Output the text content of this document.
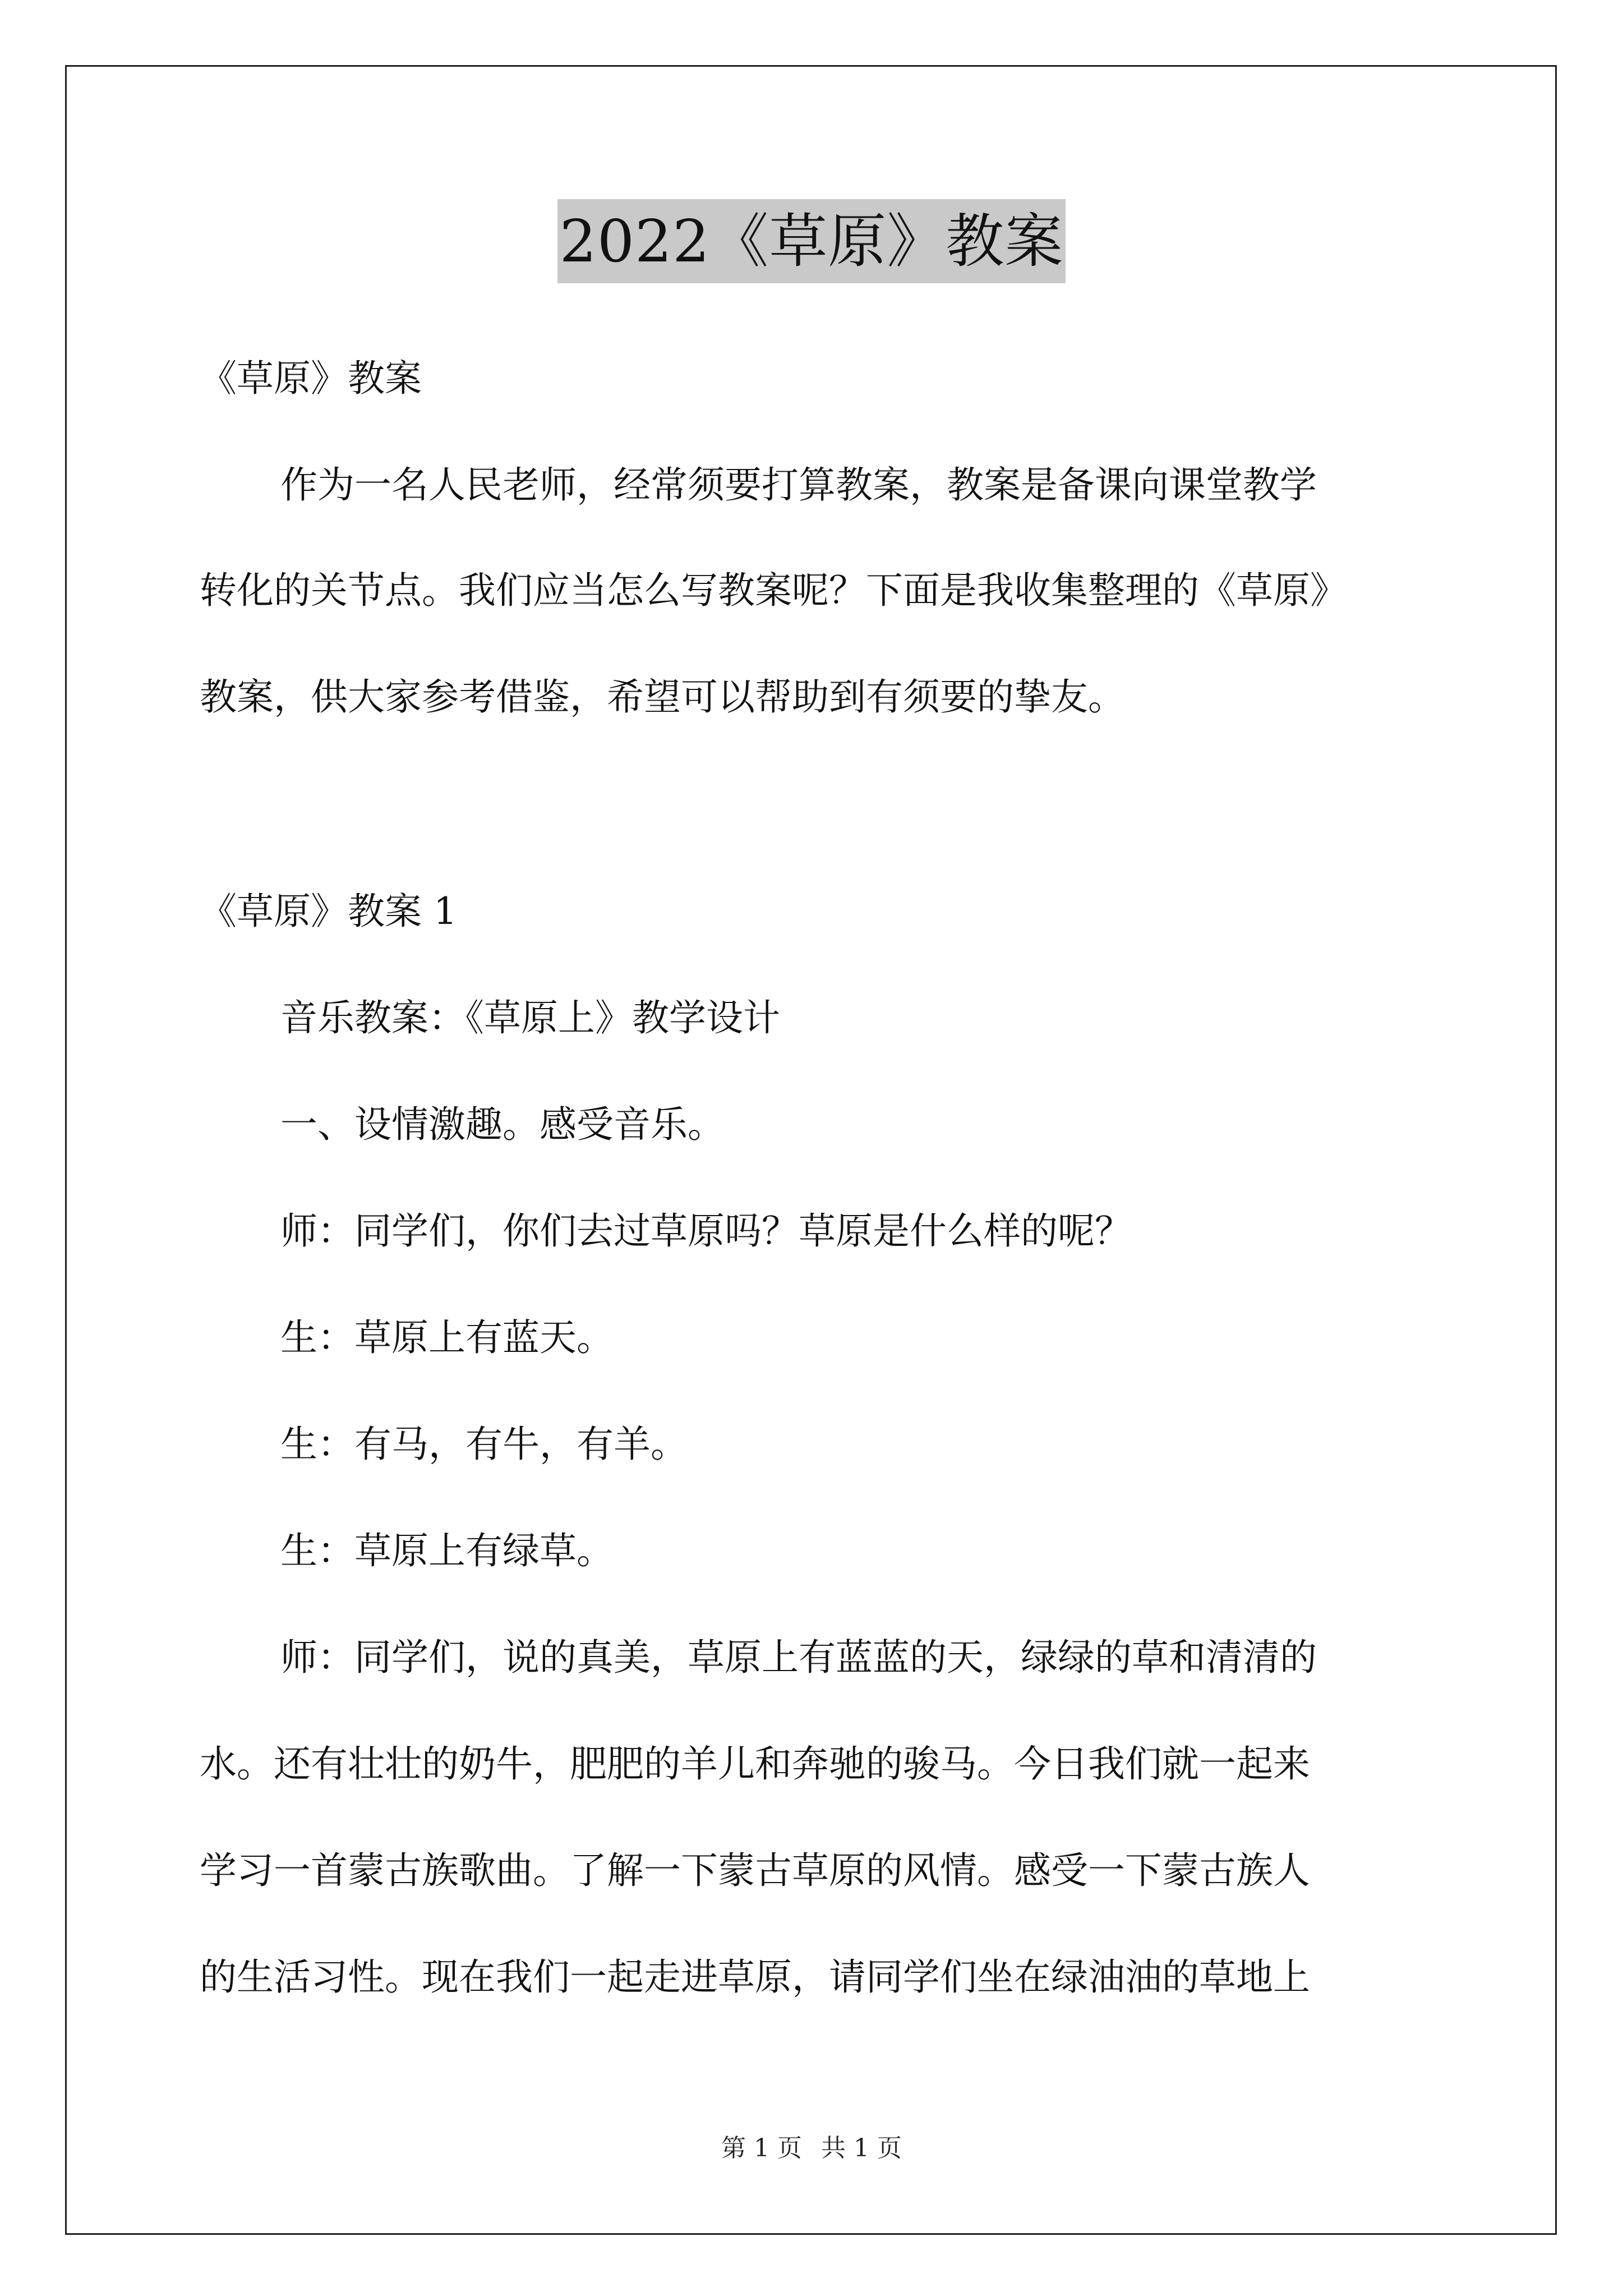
2022《草原》教案

《草原》教案

作为一名人民老师，经常须要打算教案，教案是备课向课堂教学

转化的关节点。我们应当怎么写教案呢？下面是我收集整理的《草原》

教案，供大家参考借鉴，希望可以帮助到有须要的挚友。

《草原》教案 1

音乐教案：《草原上》教学设计

一、设情激趣。感受音乐。

师：同学们，你们去过草原吗？草原是什么样的呢？

生：草原上有蓝天。

生：有马，有牛，有羊。

生：草原上有绿草。

师：同学们，说的真美，草原上有蓝蓝的天，绿绿的草和清清的

水。还有壮壮的奶牛，肥肥的羊儿和奔驰的骏马。今日我们就一起来

学习一首蒙古族歌曲。了解一下蒙古草原的风情。感受一下蒙古族人

的生活习性。现在我们一起走进草原，请同学们坐在绿油油的草地上

第 1 页 共 1 页
